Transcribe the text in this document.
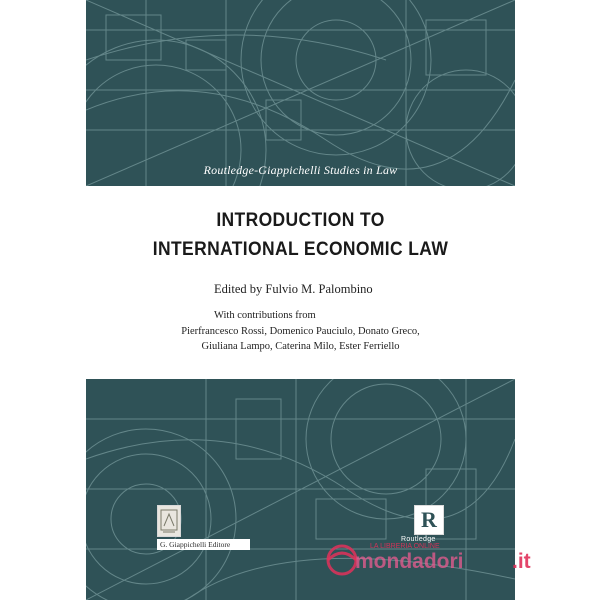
Routledge-Giappichelli Studies in Law
INTRODUCTION TO
INTERNATIONAL ECONOMIC LAW
Edited by Fulvio M. Palombino
With contributions from
Pierfrancesco Rossi, Domenico Pauciulo, Donato Greco,
Giuliana Lampo, Caterina Milo, Ester Ferriello
G. Giappichelli Editore
R
Routledge
LA LIBRERIA ONLINE
mondadori .it
